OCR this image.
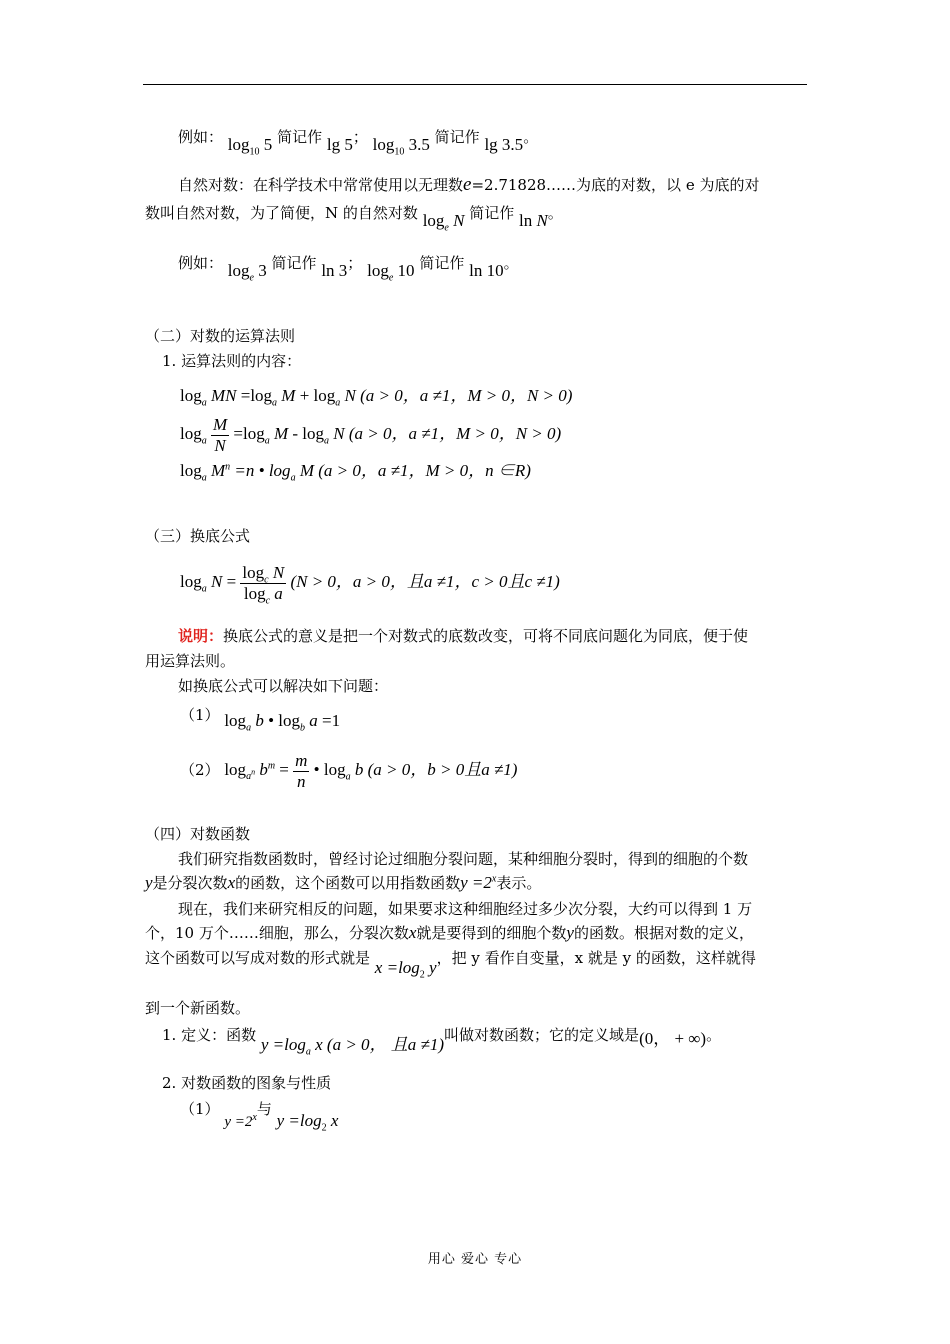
例如： $\log_{10} 5$ 简记作 lg 5； $\log_{10} 3.5$ 简记作 lg 3.5。
自然对数：在科学技术中常常使用以无理数e=2.71828……为底的对数，以 e 为底的对
数叫自然对数，为了简便，N 的自然对数 $\log_e N$ 简记作 ln N。
例如： $\log_e 3$ 简记作 ln 3； $\log_e 10$ 简记作 ln 10。
（二）对数的运算法则
1. 运算法则的内容：
$\log_a$ MN $=\log_a$ $M + \log_a N$ (a > 0，a ≠1，M > 0，N > 0)
$\log_a \frac{M}{N} =\log_a$ M - $\log_a N$ (a > 0，a ≠1，M > 0，N > 0)
$\log_a M^n =n$ • $\log_a M$ (a > 0，a ≠1，M > 0，n ∈R)
（三）换底公式
$\log_a N = \frac{\log_c N}{\log_c a} (N > 0$，a > 0，且a ≠1，c > 0且c ≠1)
说明：换底公式的意义是把一个对数式的底数改变，可将不同底问题化为同底，便于使
用运算法则。
如换底公式可以解决如下问题：
（1） $\log_a b$ • $\log_b a =1$
（2） $\log_{a^n} b^m = \frac{m}{n}$ • $\log_a b$ (a > 0，b > 0且a ≠1)
（四）对数函数
我们研究指数函数时，曾经讨论过细胞分裂问题，某种细胞分裂时，得到的细胞的个数
y是分裂次数x的函数，这个函数可以用指数函数$y =2^x$表示。
现在，我们来研究相反的问题，如果要求这种细胞经过多少次分裂，大约可以得到 1 万
个，10 万个……细胞，那么，分裂次数x就是要得到的细胞个数y的函数。根据对数的定义，
这个函数可以写成对数的形式就是 $x =\log_2$ y，把 y 看作自变量，x 就是 y 的函数，这样就得
到一个新函数。
1. 定义：函数 $y =\log_a$ x (a > 0， 且a ≠1)叫做对数函数；它的定义域是(0， + ∞)。
2. 对数函数的图象与性质
（1） $y =2^x$与 $y =\log_2$ x
用心 爱心 专心
